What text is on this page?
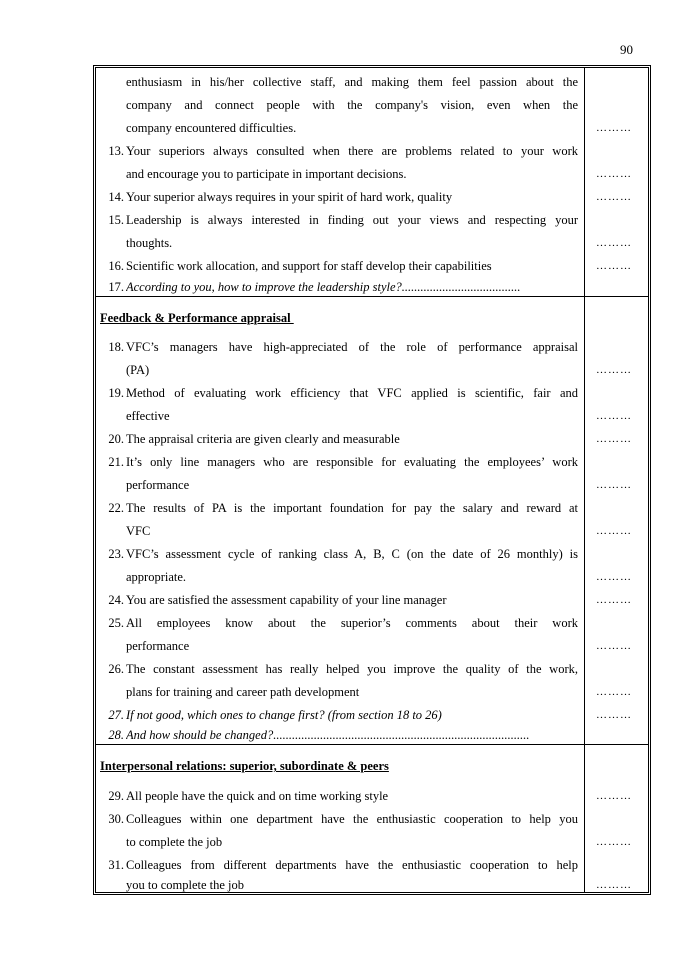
90
enthusiasm in his/her collective staff, and making them feel passion about the
company and connect people with the company's vision, even when the
company encountered difficulties.	………
13. Your superiors always consulted when there are problems related to your work
and encourage you to participate in important decisions.	………
14. Your superior always requires in your spirit of hard work, quality	………
15. Leadership is always interested in finding out your views and respecting your
thoughts.	………
16. Scientific work allocation, and support for staff develop their capabilities	………
17. According to you, how to improve the leadership style?......................................
Feedback & Performance appraisal
18. VFC’s managers have high-appreciated of the role of performance appraisal
(PA)	………
19. Method of evaluating work efficiency that VFC applied is scientific, fair and
effective	………
20. The appraisal criteria are given clearly and measurable	………
21. It’s only line managers who are responsible for evaluating the employees’ work
performance	………
22. The results of PA is the important foundation for pay the salary and reward at
VFC	………
23. VFC’s assessment cycle of ranking class A, B, C (on the date of 26 monthly) is
appropriate.	………
24. You are satisfied the assessment capability of your line manager	………
25. All employees know about the superior’s comments about their work
performance	………
26. The constant assessment has really helped you improve the quality of the work,
plans for training and career path development	………
27. If not good, which ones to change first? (from section 18 to 26)	………
28. And how should be changed?..................................................................................
Interpersonal relations: superior, subordinate & peers
29. All people have the quick and on time working style	………
30. Colleagues within one department have the enthusiastic cooperation to help you
to complete the job	………
31. Colleagues from different departments have the enthusiastic cooperation to help
you to complete the job	………
